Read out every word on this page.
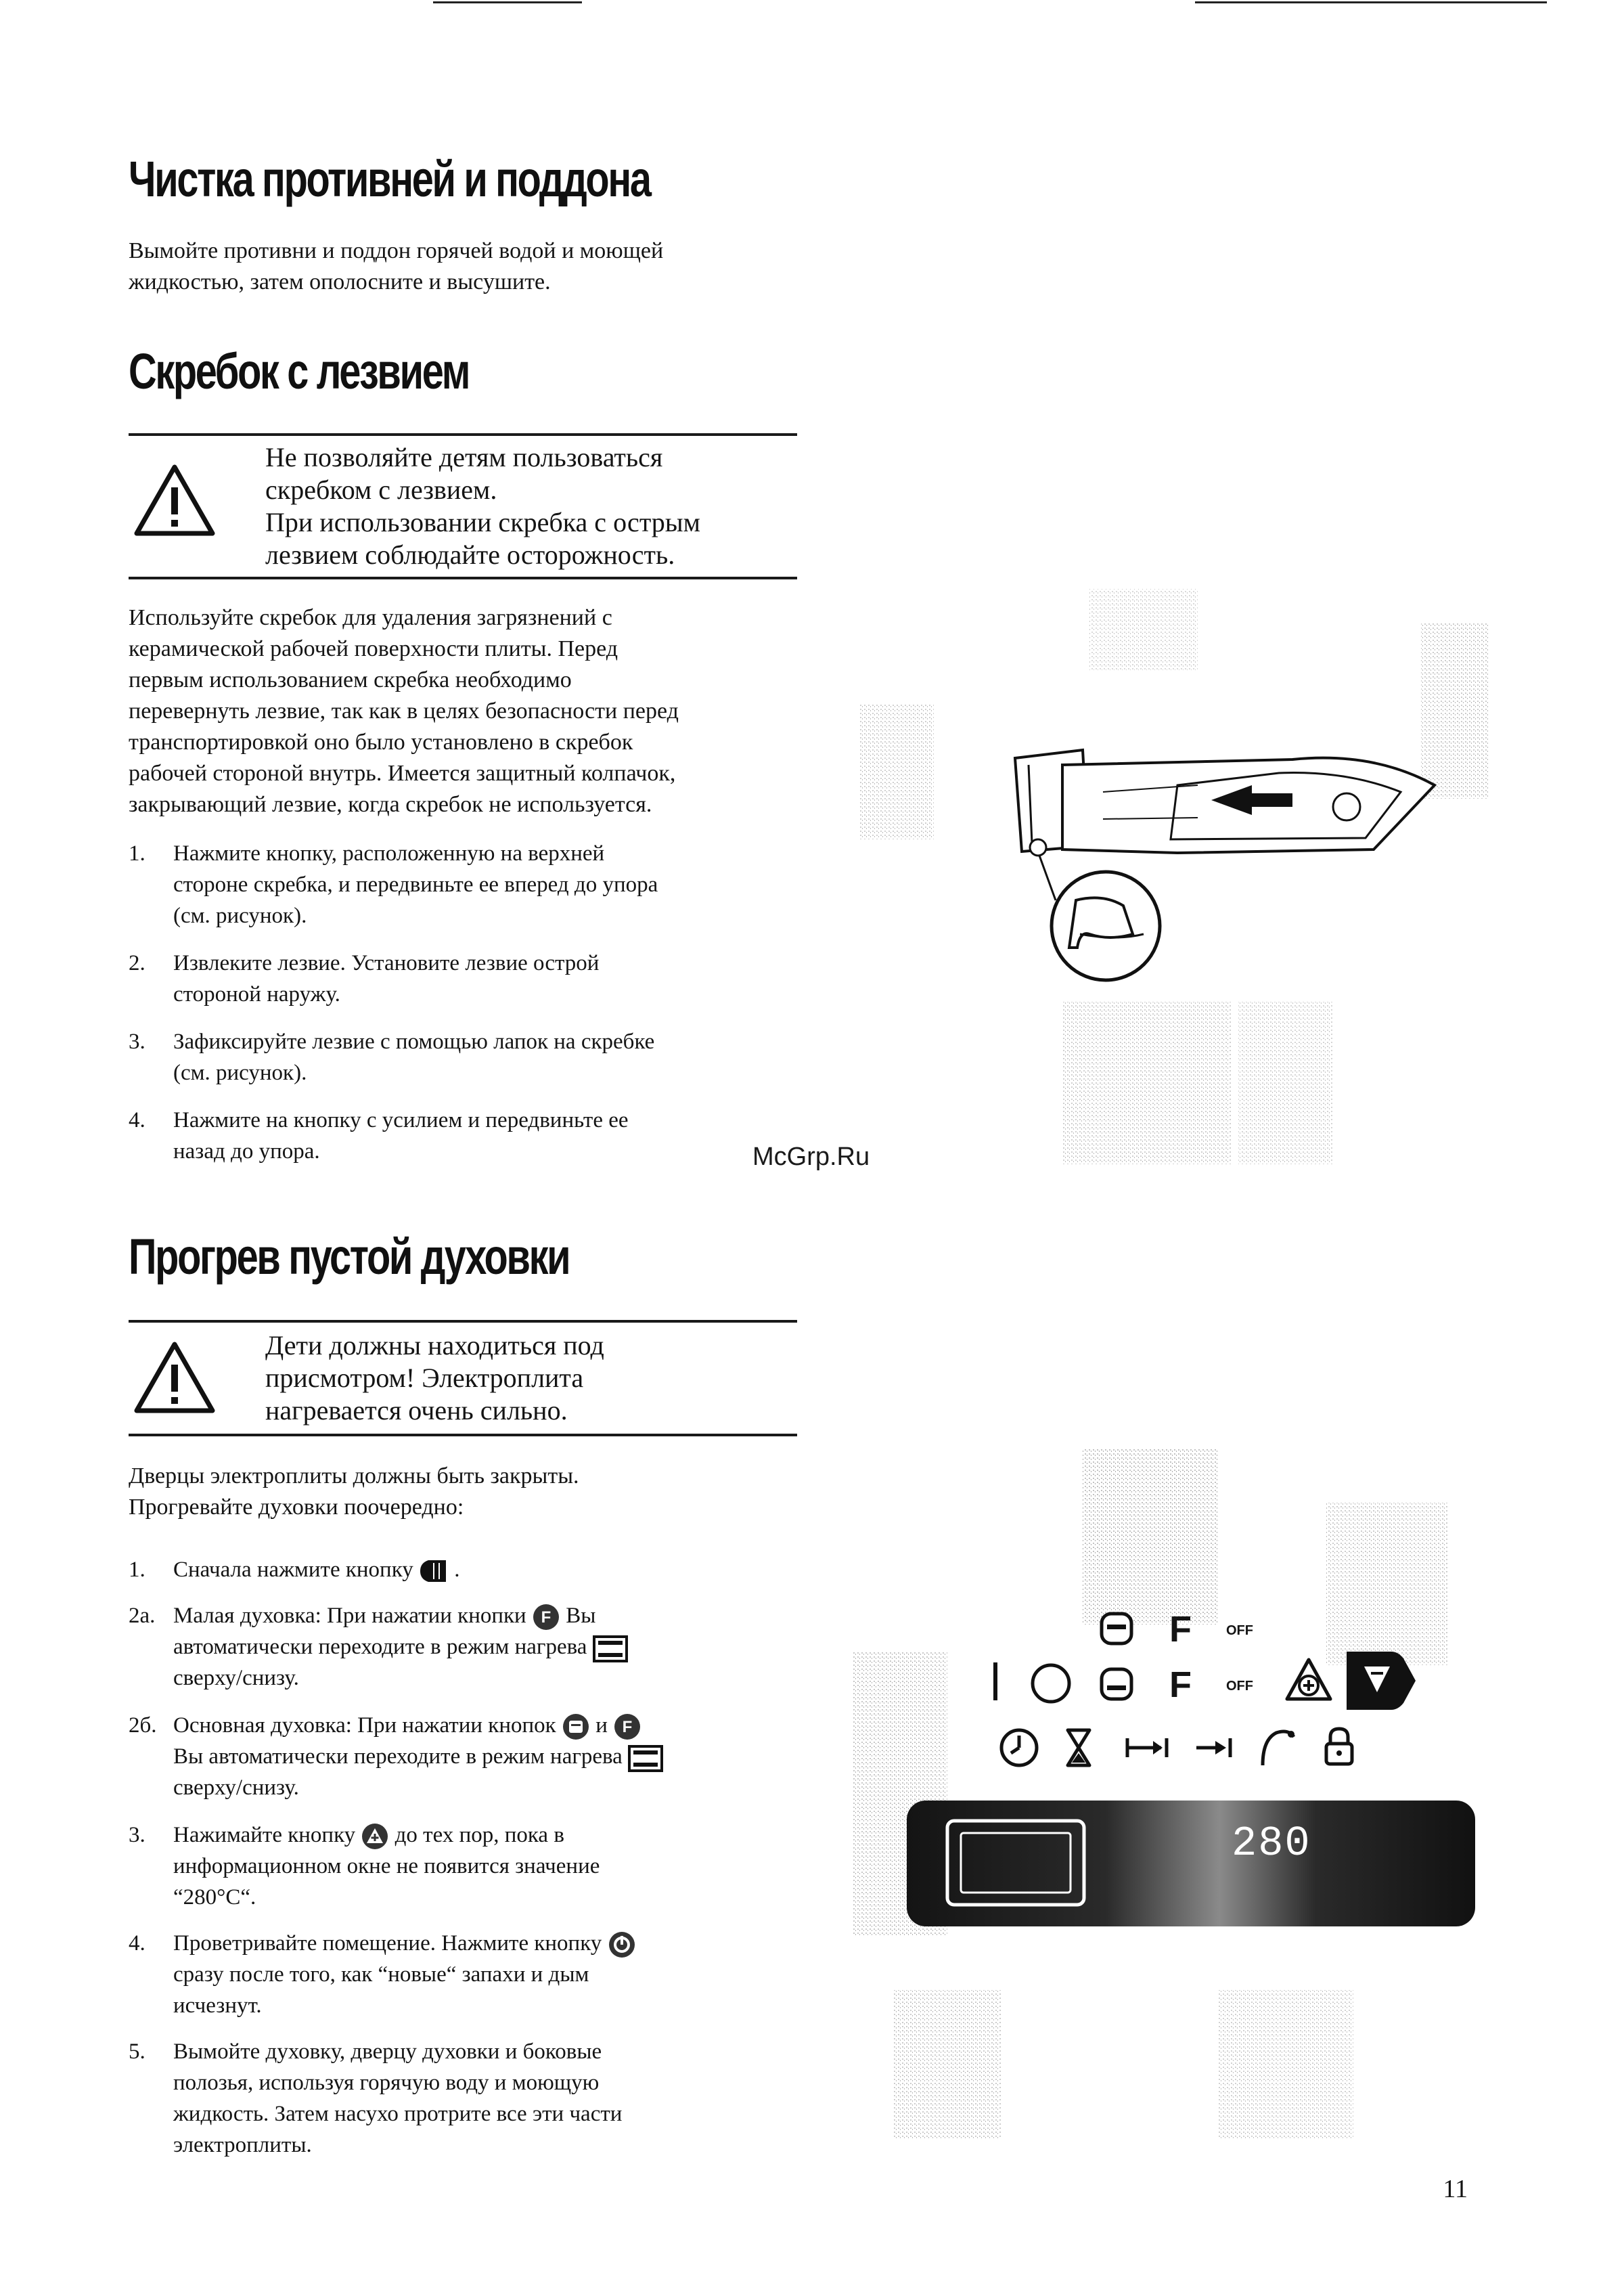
Чистка противней и поддона
Вымойте противни и поддон горячей водой и моющей
жидкостью, затем ополосните и высушите.
Скребок с лезвием
Не позволяйте детям пользоваться
скребком с лезвием.
При использовании скребка с острым
лезвием соблюдайте осторожность.
Используйте скребок для удаления загрязнений с
керамической рабочей поверхности плиты. Перед
первым использованием скребка необходимо
перевернуть лезвие, так как в целях безопасности перед
транспортировкой оно было установлено в скребок
рабочей стороной внутрь. Имеется защитный колпачок,
закрывающий лезвие, когда скребок не используется.
1. Нажмите кнопку, расположенную на верхней
стороне скребка, и передвиньте ее вперед до упора
(см. рисунок).
2. Извлеките лезвие. Установите лезвие острой
стороной наружу.
3. Зафиксируйте лезвие с помощью лапок на скребке
(см. рисунок).
4. Нажмите на кнопку с усилием и передвиньте ее
назад до упора.	McGrp.Ru
Прогрев пустой духовки
Дети должны находиться под
присмотром! Электроплита
нагревается очень сильно.
Дверцы электроплиты должны быть закрыты.
Прогревайте духовки поочередно:
1. Сначала нажмите кнопку .
2а. Малая духовка: При нажатии кнопки F Вы
автоматически переходите в режим нагрева
сверху/снизу.
2б. Основная духовка: При нажатии кнопок и F
Вы автоматически переходите в режим нагрева
сверху/снизу.
3. Нажимайте кнопку до тех пор, пока в
информационном окне не появится значение
“280°C“.
4. Проветривайте помещение. Нажмите кнопку
сразу после того, как “новые“ запахи и дым
исчезнут.
5. Вымойте духовку, дверцу духовки и боковые
полозья, используя горячую воду и моющую
жидкость. Затем насухо протрите все эти части
электроплиты.
F	OFF
F	OFF
280
11
